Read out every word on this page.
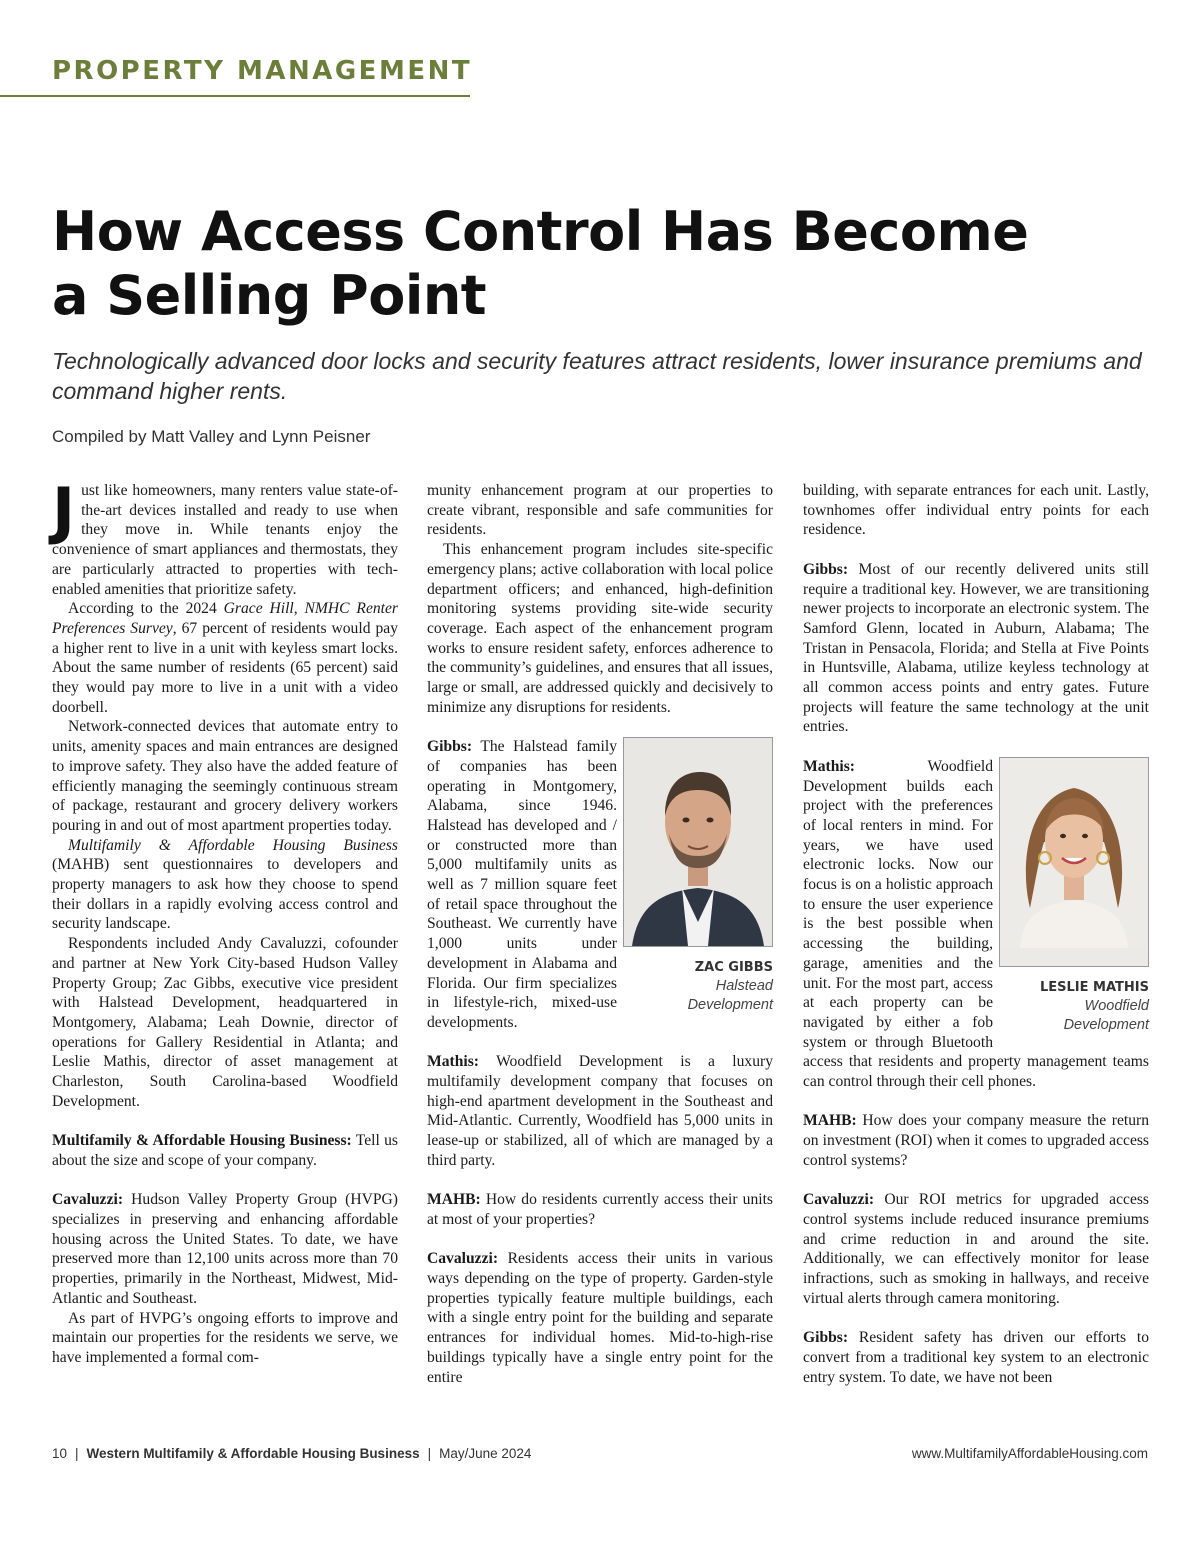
PROPERTY MANAGEMENT
How Access Control Has Become
a Selling Point
Technologically advanced door locks and security features attract residents, lower insurance premiums and command higher rents.
Compiled by Matt Valley and Lynn Peisner

Just like homeowners, many renters value state-of-the-art devices installed and ready to use when they move in. While tenants enjoy the convenience of smart appliances and thermostats, they are particularly attracted to properties with tech-enabled amenities that prioritize safety.

According to the 2024 Grace Hill, NMHC Renter Preferences Survey, 67 percent of residents would pay a higher rent to live in a unit with keyless smart locks. About the same number of residents (65 percent) said they would pay more to live in a unit with a video doorbell.

Network-connected devices that automate entry to units, amenity spaces and main entrances are designed to improve safety. They also have the added feature of efficiently managing the seemingly continuous stream of package, restaurant and grocery delivery workers pouring in and out of most apartment properties today.

Multifamily & Affordable Housing Business (MAHB) sent questionnaires to developers and property managers to ask how they choose to spend their dollars in a rapidly evolving access control and security landscape.

Respondents included Andy Cavaluzzi, cofounder and partner at New York City-based Hudson Valley Property Group; Zac Gibbs, executive vice president with Halstead Development, headquartered in Montgomery, Alabama; Leah Downie, director of operations for Gallery Residential in Atlanta; and Leslie Mathis, director of asset management at Charleston, South Carolina-based Woodfield Development.

Multifamily & Affordable Housing Business: Tell us about the size and scope of your company.

Cavaluzzi: Hudson Valley Property Group (HVPG) specializes in preserving and enhancing affordable housing across the United States. To date, we have preserved more than 12,100 units across more than 70 properties, primarily in the Northeast, Midwest, Mid-Atlantic and Southeast.

As part of HVPG’s ongoing efforts to improve and maintain our properties for the residents we serve, we have implemented a formal com-

munity enhancement program at our properties to create vibrant, responsible and safe communities for residents.

This enhancement program includes site-specific emergency plans; active collaboration with local police department officers; and enhanced, high-definition monitoring systems providing site-wide security coverage. Each aspect of the enhancement program works to ensure resident safety, enforces adherence to the community’s guidelines, and ensures that all issues, large or small, are addressed quickly and decisively to minimize any disruptions for residents.

ZAC GIBBS
Halstead
Development
Gibbs: The Halstead family of companies has been operating in Montgomery, Alabama, since 1946. Halstead has developed and / or constructed more than 5,000 multifamily units as well as 7 million square feet of retail space throughout the Southeast. We currently have 1,000 units under development in Alabama and Florida. Our firm specializes in lifestyle-rich, mixed-use developments.

Mathis: Woodfield Development is a luxury multifamily development company that focuses on high-end apartment development in the Southeast and Mid-Atlantic. Currently, Woodfield has 5,000 units in lease-up or stabilized, all of which are managed by a third party.

MAHB: How do residents currently access their units at most of your properties?

Cavaluzzi: Residents access their units in various ways depending on the type of property. Garden-style properties typically feature multiple buildings, each with a single entry point for the building and separate entrances for individual homes. Mid-to-high-rise buildings typically have a single entry point for the entire

building, with separate entrances for each unit. Lastly, townhomes offer individual entry points for each residence.

Gibbs: Most of our recently delivered units still require a traditional key. However, we are transitioning newer projects to incorporate an electronic system. The Samford Glenn, located in Auburn, Alabama; The Tristan in Pensacola, Florida; and Stella at Five Points in Huntsville, Alabama, utilize keyless technology at all common access points and entry gates. Future projects will feature the same technology at the unit entries.

LESLIE MATHIS
Woodfield
Development
Mathis: Woodfield Development builds each project with the preferences of local renters in mind. For years, we have used electronic locks. Now our focus is on a holistic approach to ensure the user experience is the best possible when accessing the building, garage, amenities and the unit. For the most part, access at each property can be navigated by either a fob system or through Bluetooth access that residents and property management teams can control through their cell phones.

MAHB: How does your company measure the return on investment (ROI) when it comes to upgraded access control systems?

Cavaluzzi: Our ROI metrics for upgraded access control systems include reduced insurance premiums and crime reduction in and around the site. Additionally, we can effectively monitor for lease infractions, such as smoking in hallways, and receive virtual alerts through camera monitoring.

Gibbs: Resident safety has driven our efforts to convert from a traditional key system to an electronic entry system. To date, we have not been

10 | Western Multifamily & Affordable Housing Business | May/June 2024	www.MultifamilyAffordableHousing.com
